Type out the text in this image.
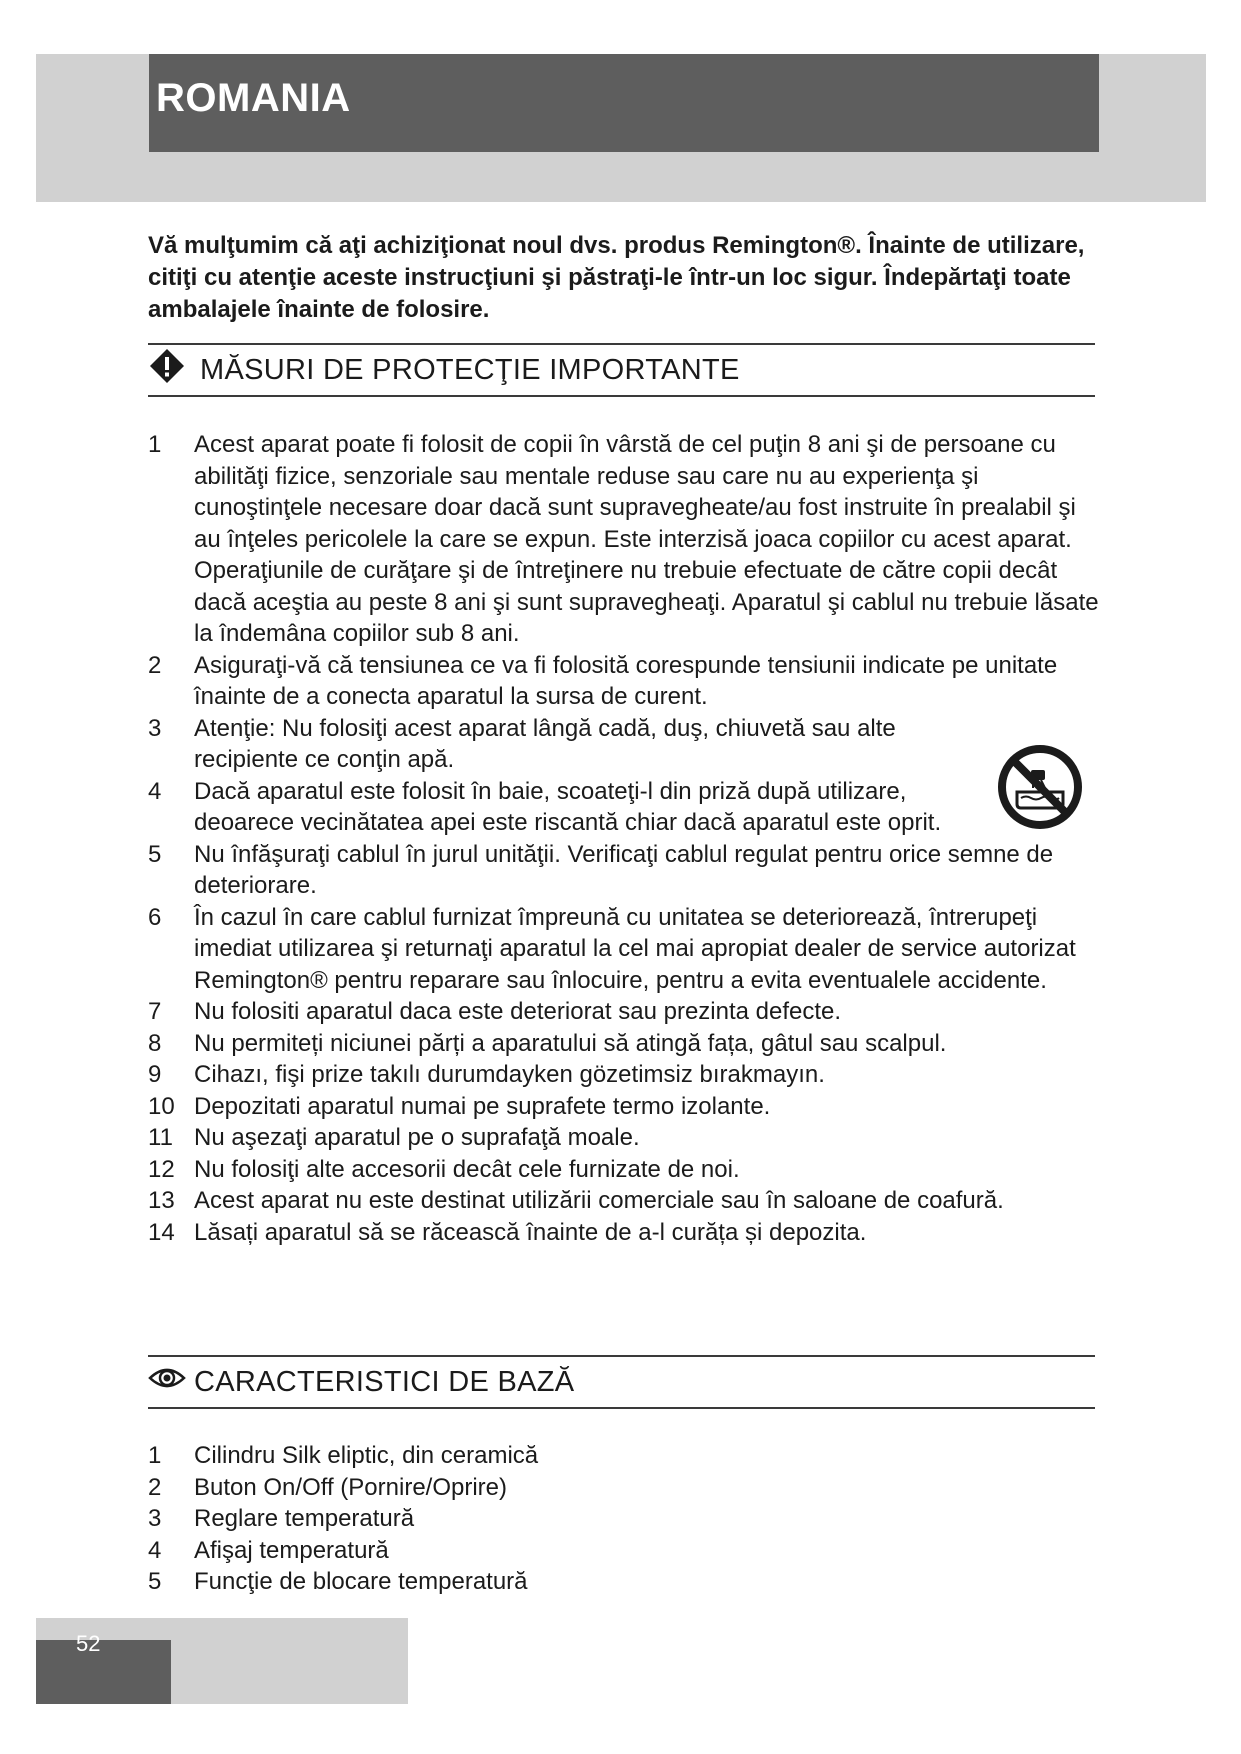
ROMANIA
Vă mulţumim că aţi achiziţionat noul dvs. produs Remington®. Înainte de utilizare, citiţi cu atenţie aceste instrucţiuni şi păstraţi-le într-un loc sigur. Îndepărtaţi toate ambalajele înainte de folosire.
MĂSURI DE PROTECŢIE IMPORTANTE
1 Acest aparat poate fi folosit de copii în vârstă de cel puţin 8 ani şi de persoane cu abilităţi fizice, senzoriale sau mentale reduse sau care nu au experienţa şi cunoştinţele necesare doar dacă sunt supravegheate/au fost instruite în prealabil şi au înţeles pericolele la care se expun. Este interzisă joaca copiilor cu acest aparat. Operaţiunile de curăţare şi de întreţinere nu trebuie efectuate de către copii decât dacă aceştia au peste 8 ani şi sunt supravegheaţi. Aparatul şi cablul nu trebuie lăsate la îndemâna copiilor sub 8 ani.
2 Asiguraţi-vă că tensiunea ce va fi folosită corespunde tensiunii indicate pe unitate înainte de a conecta aparatul la sursa de curent.
3 Atenţie: Nu folosiţi acest aparat lângă cadă, duş, chiuvetă sau alte recipiente ce conţin apă.
4 Dacă aparatul este folosit în baie, scoateţi-l din priză după utilizare, deoarece vecinătatea apei este riscantă chiar dacă aparatul este oprit.
5 Nu înfăşuraţi cablul în jurul unităţii. Verificaţi cablul regulat pentru orice semne de deteriorare.
6 În cazul în care cablul furnizat împreună cu unitatea se deteriorează, întrerupeţi imediat utilizarea şi returnaţi aparatul la cel mai apropiat dealer de service autorizat Remington® pentru reparare sau înlocuire, pentru a evita eventualele accidente.
7 Nu folositi aparatul daca este deteriorat sau prezinta defecte.
8 Nu permiteți niciunei părți a aparatului să atingă fața, gâtul sau scalpul.
9 Cihazı, fişi prize takılı durumdayken gözetimsiz bırakmayın.
10 Depozitati aparatul numai pe suprafete termo izolante.
11 Nu aşezaţi aparatul pe o suprafaţă moale.
12 Nu folosiţi alte accesorii decât cele furnizate de noi.
13 Acest aparat nu este destinat utilizării comerciale sau în saloane de coafură.
14 Lăsați aparatul să se răcească înainte de a-l curăța și depozita.
CARACTERISTICI DE BAZĂ
1 Cilindru Silk eliptic, din ceramică
2 Buton On/Off (Pornire/Oprire)
3 Reglare temperatură
4 Afişaj temperatură
5 Funcţie de blocare temperatură
52
